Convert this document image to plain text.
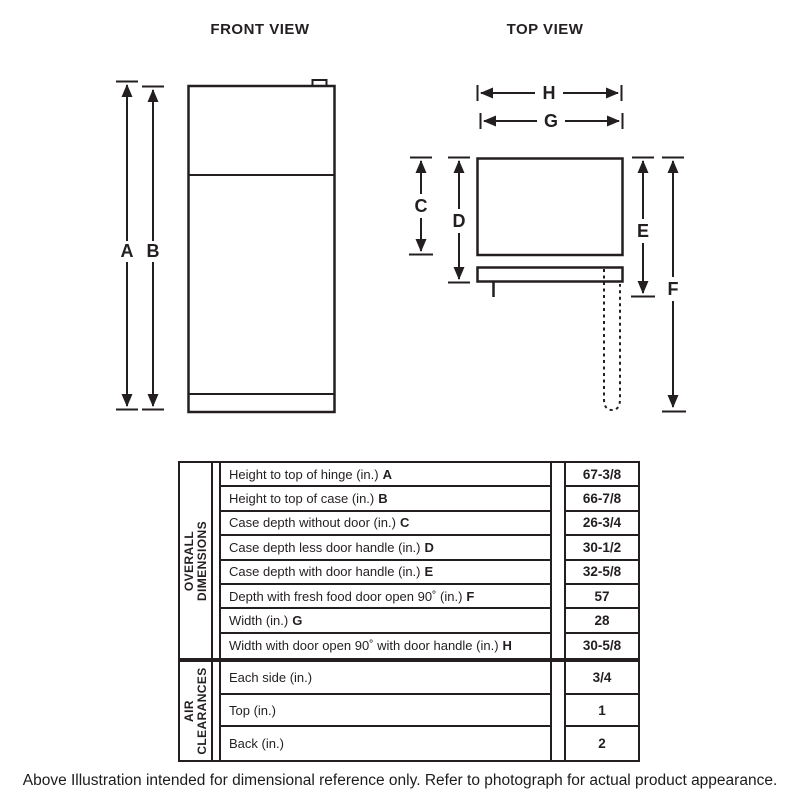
FRONT VIEW	TOP VIEW
A B
H
G
C
D	E
F
OVERALL DIMENSIONS
Height to top of hinge (in.) A	67-3/8
Height to top of case (in.) B	66-7/8
Case depth without door (in.) C	26-3/4
Case depth less door handle (in.) D	30-1/2
Case depth with door handle (in.) E	32-5/8
Depth with fresh food door open 90˚ (in.) F	57
Width (in.) G	28
Width with door open 90˚ with door handle (in.) H	30-5/8
AIR CLEARANCES Each side (in.)	3/4
Top (in.)	1
Back (in.)	2
Above Illustration intended for dimensional reference only. Refer to photograph for actual product appearance.
